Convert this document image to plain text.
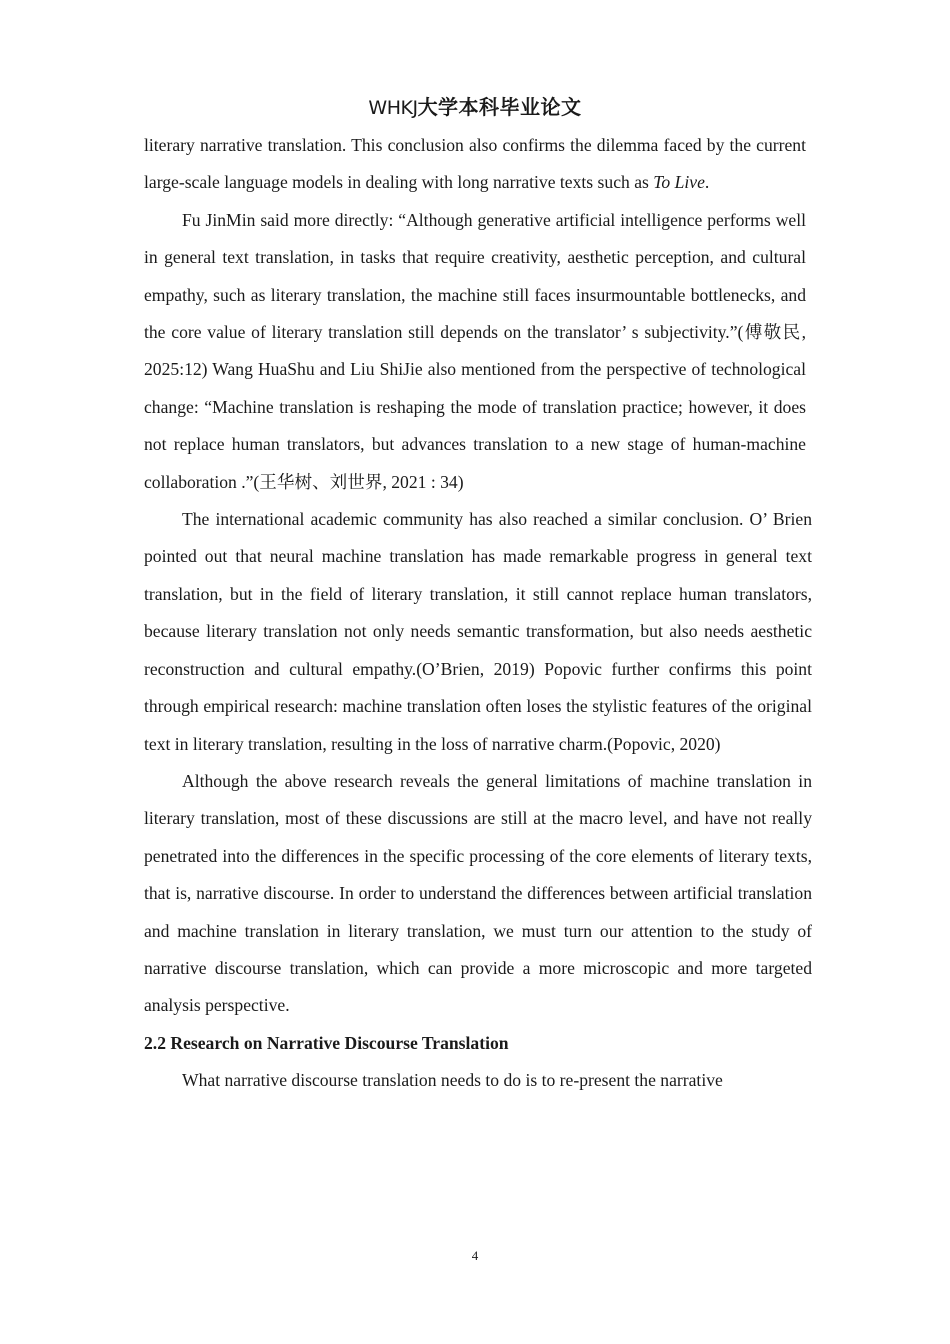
WHKJ大学本科毕业论文

literary narrative translation. This conclusion also confirms the dilemma faced by the current large-scale language models in dealing with long narrative texts such as To Live.

Fu JinMin said more directly: “Although generative artificial intelligence performs well in general text translation, in tasks that require creativity, aesthetic perception, and cultural empathy, such as literary translation, the machine still faces insurmountable bottlenecks, and the core value of literary translation still depends on the translator’ s subjectivity.”(傅敬民, 2025:12) Wang HuaShu and Liu ShiJie also mentioned from the perspective of technological change: “Machine translation is reshaping the mode of translation practice; however, it does not replace human translators, but advances translation to a new stage of human-machine collaboration .”(王华树、刘世界, 2021 : 34)

The international academic community has also reached a similar conclusion. O’ Brien pointed out that neural machine translation has made remarkable progress in general text translation, but in the field of literary translation, it still cannot replace human translators, because literary translation not only needs semantic transformation, but also needs aesthetic reconstruction and cultural empathy.(O’Brien, 2019) Popovic further confirms this point through empirical research: machine translation often loses the stylistic features of the original text in literary translation, resulting in the loss of narrative charm.(Popovic, 2020)

Although the above research reveals the general limitations of machine translation in literary translation, most of these discussions are still at the macro level, and have not really penetrated into the differences in the specific processing of the core elements of literary texts, that is, narrative discourse. In order to understand the differences between artificial translation and machine translation in literary translation, we must turn our attention to the study of narrative discourse translation, which can provide a more microscopic and more targeted analysis perspective.

2.2 Research on Narrative Discourse Translation

What narrative discourse translation needs to do is to re-present the narrative

4
